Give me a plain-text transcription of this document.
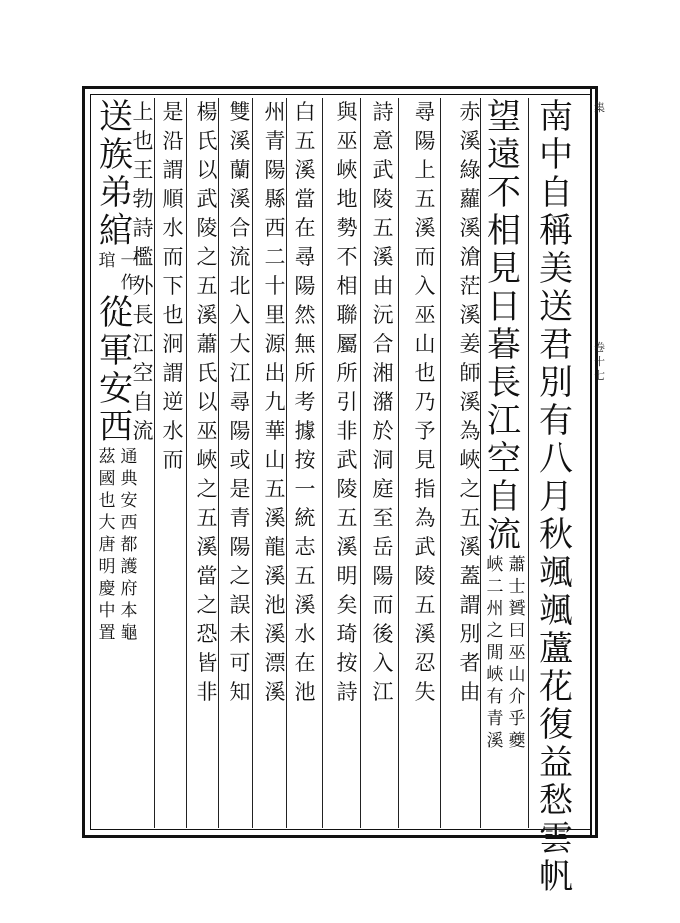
集
卷
十
七
南
中
自
稱
美
送
君
別
有
八
月
秋
颯
颯
蘆
花
復
益
愁
雲
帆
望
遠
不
相
見
日
暮
長
江
空
自
流
蕭
士
贇
曰
巫
山
介
乎
夔
峽
二
州
之
閒
峽
有
青
溪
赤
溪
綠
蘿
溪
滄
茫
溪
姜
師
溪
為
峽
之
五
溪
蓋
謂
別
者
由
尋
陽
上
五
溪
而
入
巫
山
也
乃
予
見
指
為
武
陵
五
溪
忍
失
詩
意
武
陵
五
溪
由
沅
合
湘
潴
於
洞
庭
至
岳
陽
而
後
入
江
與
巫
峽
地
勢
不
相
聯
屬
所
引
非
武
陵
五
溪
明
矣
琦
按
詩
白
五
溪
當
在
尋
陽
然
無
所
考
據
按
一
統
志
五
溪
水
在
池
州
青
陽
縣
西
二
十
里
源
出
九
華
山
五
溪
龍
溪
池
溪
漂
溪
雙
溪
蘭
溪
合
流
北
入
大
江
尋
陽
或
是
青
陽
之
誤
未
可
知
楊
氏
以
武
陵
之
五
溪
蕭
氏
以
巫
峽
之
五
溪
當
之
恐
皆
非
是
沿
謂
順
水
而
下
也
泂
謂
逆
水
而
上
也
王
勃
詩
檻
外
長
江
空
自
流
送
族
弟
綰
一
作
琯
從
軍
安
西
通
典
安
西
都
護
府
本
龜
茲
國
也
大
唐
明
慶
中
置
